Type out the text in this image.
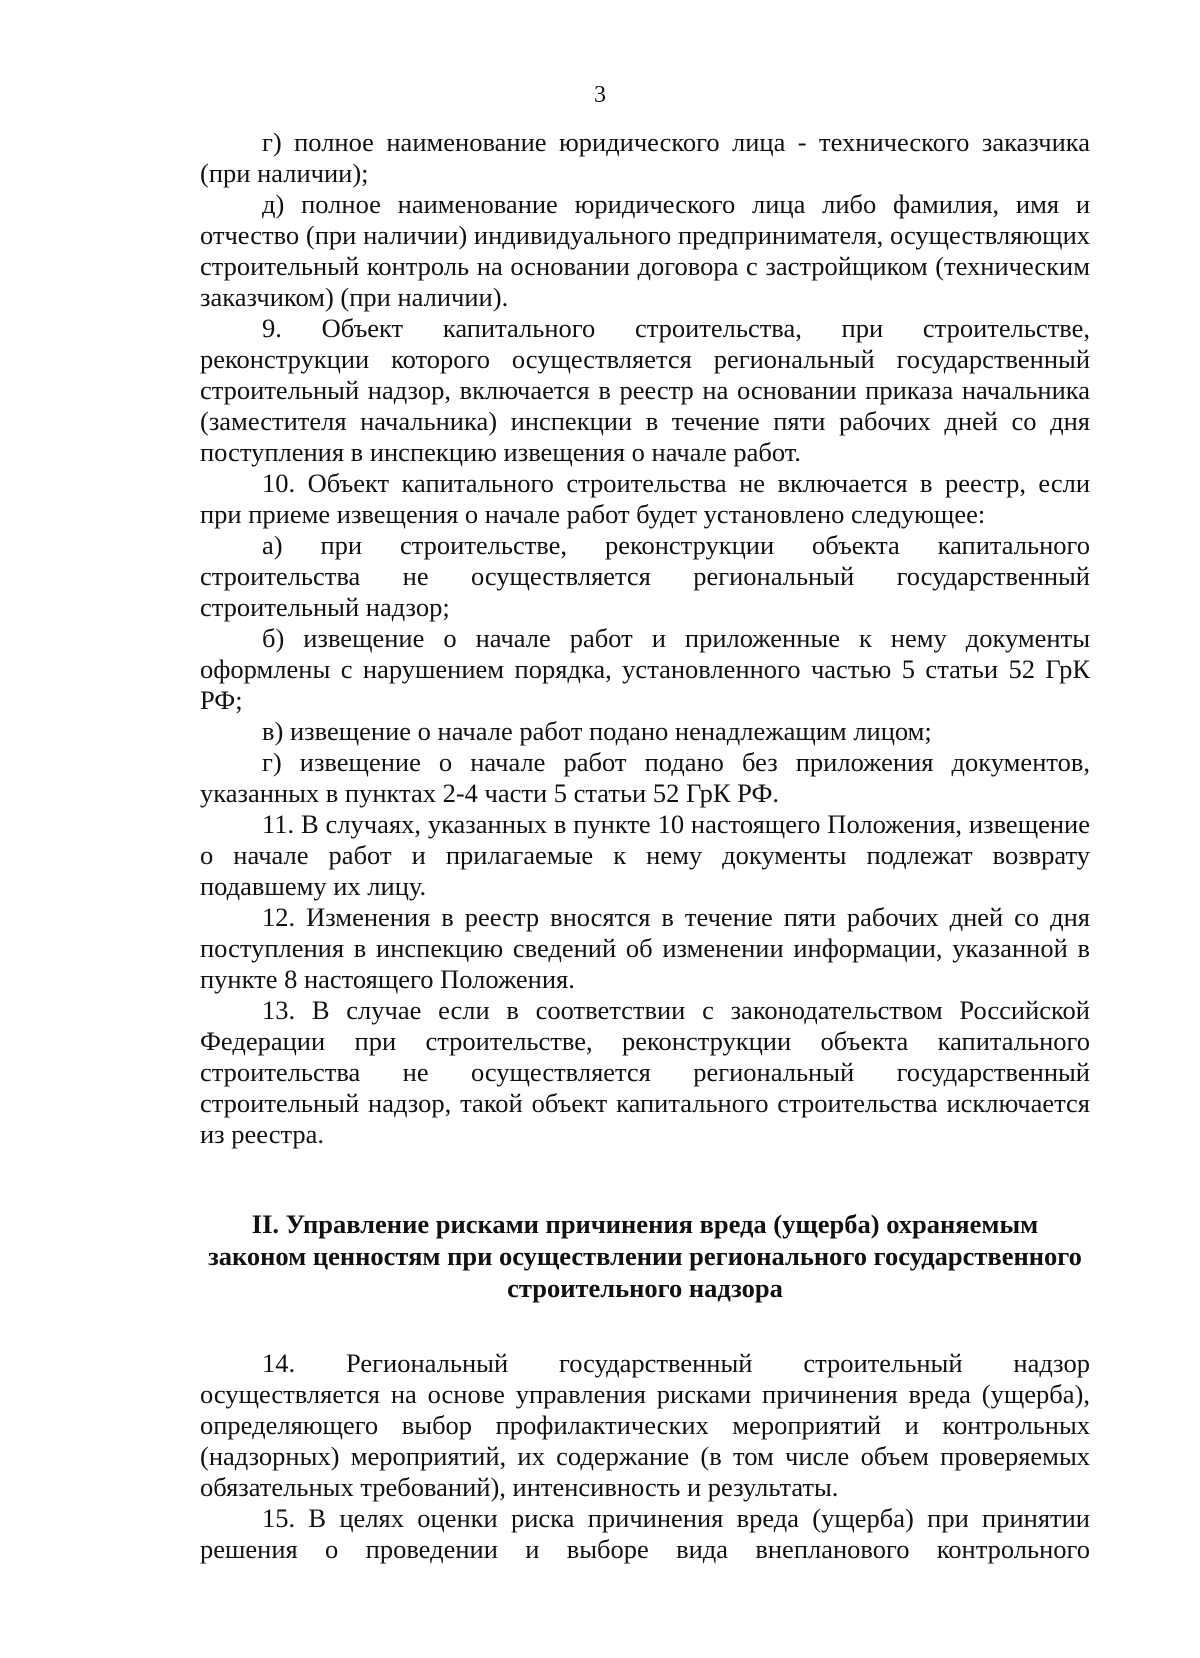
3

г) полное наименование юридического лица - технического заказчика (при наличии);

д) полное наименование юридического лица либо фамилия, имя и отчество (при наличии) индивидуального предпринимателя, осуществляющих строительный контроль на основании договора с застройщиком (техническим заказчиком) (при наличии).

9. Объект капитального строительства, при строительстве, реконструкции которого осуществляется региональный государственный строительный надзор, включается в реестр на основании приказа начальника (заместителя начальника) инспекции в течение пяти рабочих дней со дня поступления в инспекцию извещения о начале работ.

10. Объект капитального строительства не включается в реестр, если при приеме извещения о начале работ будет установлено следующее:

а) при строительстве, реконструкции объекта капитального строительства не осуществляется региональный государственный строительный надзор;

б) извещение о начале работ и приложенные к нему документы оформлены с нарушением порядка, установленного частью 5 статьи 52 ГрК РФ;

в) извещение о начале работ подано ненадлежащим лицом;

г) извещение о начале работ подано без приложения документов, указанных в пунктах 2-4 части 5 статьи 52 ГрК РФ.

11. В случаях, указанных в пункте 10 настоящего Положения, извещение о начале работ и прилагаемые к нему документы подлежат возврату подавшему их лицу.

12. Изменения в реестр вносятся в течение пяти рабочих дней со дня поступления в инспекцию сведений об изменении информации, указанной в пункте 8 настоящего Положения.

13. В случае если в соответствии с законодательством Российской Федерации при строительстве, реконструкции объекта капитального строительства не осуществляется региональный государственный строительный надзор, такой объект капитального строительства исключается из реестра.

II. Управление рисками причинения вреда (ущерба) охраняемым
законом ценностям при осуществлении регионального государственного
строительного надзора

14. Региональный государственный строительный надзор осуществляется на основе управления рисками причинения вреда (ущерба), определяющего выбор профилактических мероприятий и контрольных (надзорных) мероприятий, их содержание (в том числе объем проверяемых обязательных требований), интенсивность и результаты.

15. В целях оценки риска причинения вреда (ущерба) при принятии решения о проведении и выборе вида внепланового контрольного
